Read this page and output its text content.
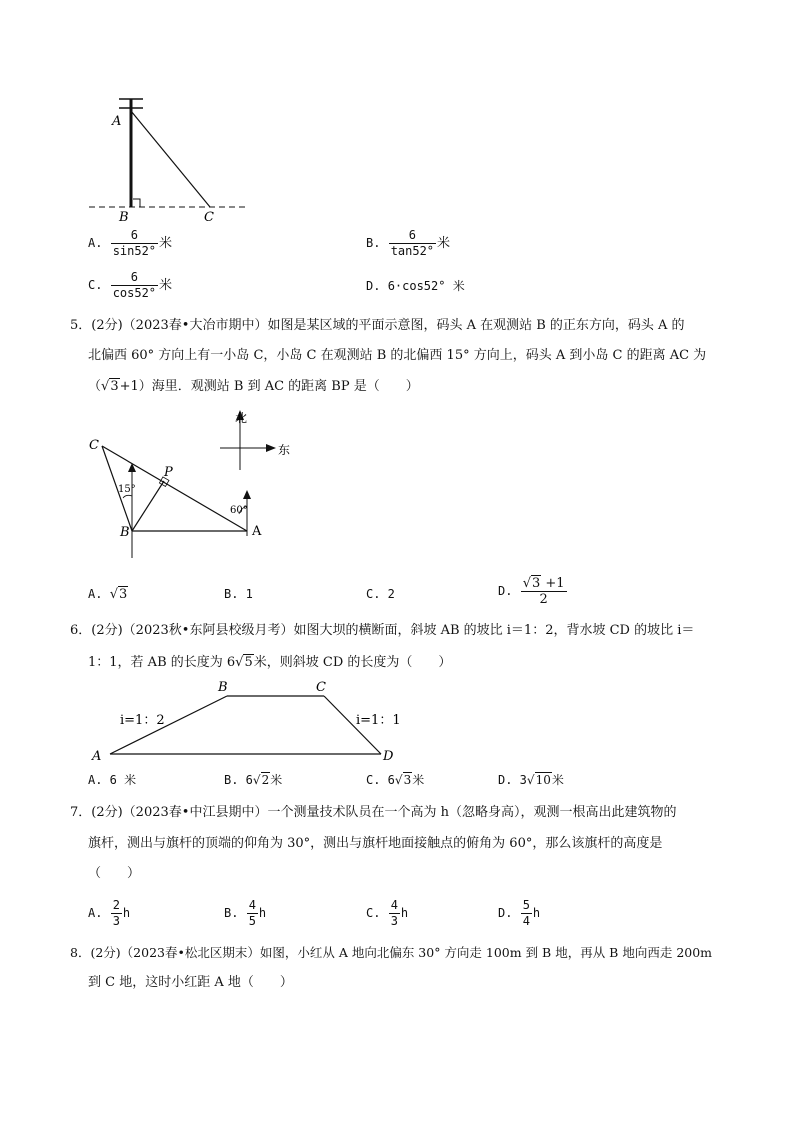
A
B	C
A. $\frac{6}{\sin 52^\circ}$ 米	B. $\frac{6}{\tan 52^\circ}$ 米
C. $\frac{6}{\cos 52^\circ}$ 米	D. 6·cos52° 米
5．(2分)（2023春•大冶市期中）如图是某区域的平面示意图，码头 A 在观测站 B 的正东方向，码头 A 的
北偏西 60° 方向上有一小岛 C，小岛 C 在观测站 B 的北偏西 15° 方向上，码头 A 到小岛 C 的距离 AC 为
（√3+1）海里．观测站 B 到 AC 的距离 BP 是（　　）
北
东
15°
60°
C
P
B	A
A. √3	B. 1	C. 2	D. $\frac{√3 +1}{2}$
6．(2分)（2023秋•东阿县校级月考）如图大坝的横断面，斜坡 AB 的坡比 i＝1：2，背水坡 CD 的坡比 i＝
1：1，若 AB 的长度为 6√5米，则斜坡 CD 的长度为（　　）
A
B	C
D
i=1：2	i=1：1
A. 6 米	B. 6√2米	C. 6√3米	D. 3√10米
7．(2分)（2023春•中江县期中）一个测量技术队员在一个高为 h（忽略身高），观测一根高出此建筑物的
旗杆，测出与旗杆的顶端的仰角为 30°，测出与旗杆地面接触点的俯角为 60°，那么该旗杆的高度是
（　　）
A. $\frac{2}{3}$ h	B. $\frac{4}{5}$ h	C. $\frac{4}{3}$ h	D. $\frac{5}{4}$ h
8．(2分)（2023春•松北区期末）如图，小红从 A 地向北偏东 30° 方向走 100m 到 B 地，再从 B 地向西走 200m
到 C 地，这时小红距 A 地（　　）
